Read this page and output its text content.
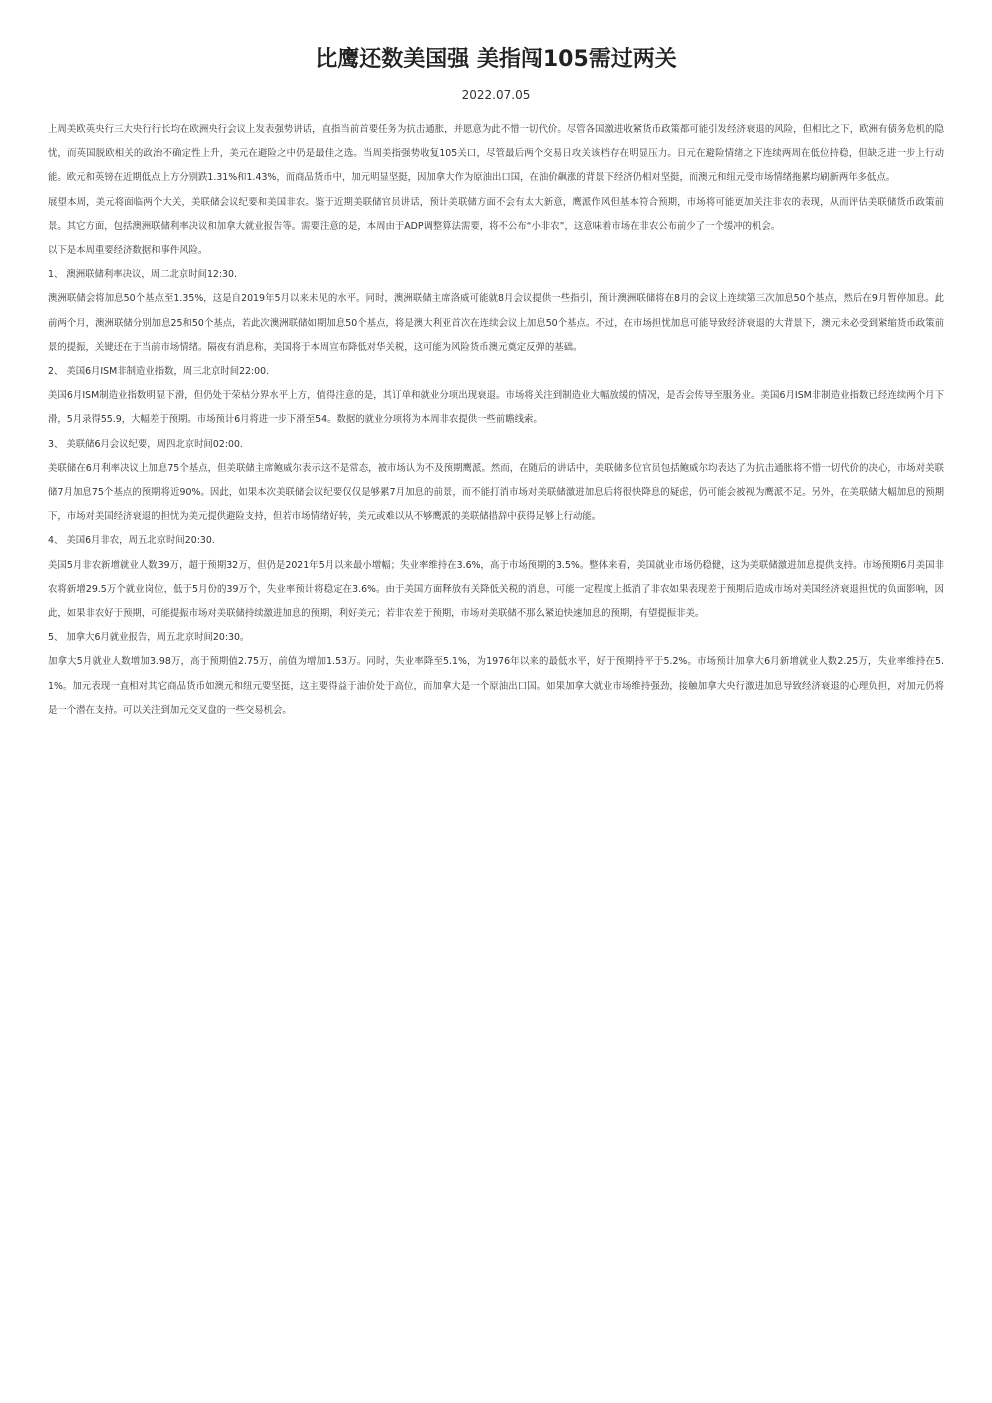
比鹰还数美国强 美指闯105需过两关
2022.07.05

上周美欧英央行三大央行行长均在欧洲央行会议上发表强势讲话，直指当前首要任务为抗击通胀，并愿意为此不惜一切代价。尽管各国激进收紧货币政策都可能引发经济衰退的风险，但相比之下，欧洲有债务危机的隐忧，而英国脱欧相关的政治不确定性上升，美元在避险之中仍是最佳之选。当周美指强势收复105关口，尽管最后两个交易日攻关该档存在明显压力。日元在避险情绪之下连续两周在低位持稳，但缺乏进一步上行动能。欧元和英镑在近期低点上方分别跌1.31%和1.43%，而商品货币中，加元明显坚挺，因加拿大作为原油出口国，在油价飙涨的背景下经济仍相对坚挺，而澳元和纽元受市场情绪拖累均刷新两年多低点。

展望本周，美元将面临两个大关，美联储会议纪要和美国非农。鉴于近期美联储官员讲话，预计美联储方面不会有太大新意，鹰派作风但基本符合预期，市场将可能更加关注非农的表现，从而评估美联储货币政策前景。其它方面，包括澳洲联储利率决议和加拿大就业报告等。需要注意的是，本周由于ADP调整算法需要，将不公布“小非农”，这意味着市场在非农公布前少了一个缓冲的机会。

以下是本周重要经济数据和事件风险。

1、 澳洲联储利率决议，周二北京时间12:30.

澳洲联储会将加息50个基点至1.35%，这是自2019年5月以来未见的水平。同时，澳洲联储主席洛威可能就8月会议提供一些指引，预计澳洲联储将在8月的会议上连续第三次加息50个基点，然后在9月暂停加息。此前两个月，澳洲联储分别加息25和50个基点，若此次澳洲联储如期加息50个基点，将是澳大利亚首次在连续会议上加息50个基点。不过，在市场担忧加息可能导致经济衰退的大背景下，澳元未必受到紧缩货币政策前景的提振，关键还在于当前市场情绪。隔夜有消息称，美国将于本周宣布降低对华关税，这可能为风险货币澳元奠定反弹的基础。

2、 美国6月ISM非制造业指数，周三北京时间22:00.

美国6月ISM制造业指数明显下滑，但仍处于荣枯分界水平上方，值得注意的是，其订单和就业分项出现衰退。市场将关注到制造业大幅放缓的情况，是否会传导至服务业。美国6月ISM非制造业指数已经连续两个月下滑，5月录得55.9，大幅差于预期。市场预计6月将进一步下滑至54。数据的就业分项将为本周非农提供一些前瞻线索。

3、 美联储6月会议纪要，周四北京时间02:00.

美联储在6月利率决议上加息75个基点，但美联储主席鲍威尔表示这不是常态，被市场认为不及预期鹰派。然而，在随后的讲话中，美联储多位官员包括鲍威尔均表达了为抗击通胀将不惜一切代价的决心，市场对美联储7月加息75个基点的预期将近90%。因此，如果本次美联储会议纪要仅仅是够累7月加息的前景，而不能打消市场对美联储激进加息后将很快降息的疑虑，仍可能会被视为鹰派不足。另外，在美联储大幅加息的预期下，市场对美国经济衰退的担忧为美元提供避险支持，但若市场情绪好转，美元或难以从不够鹰派的美联储措辞中获得足够上行动能。

4、 美国6月非农，周五北京时间20:30.

美国5月非农新增就业人数39万，超于预期32万，但仍是2021年5月以来最小增幅；失业率维持在3.6%，高于市场预期的3.5%。整体来看，美国就业市场仍稳健，这为美联储激进加息提供支持。市场预期6月美国非农将新增29.5万个就业岗位，低于5月份的39万个，失业率预计将稳定在3.6%。由于美国方面释放有关降低关税的消息，可能一定程度上抵消了非农如果表现差于预期后造成市场对美国经济衰退担忧的负面影响，因此，如果非农好于预期，可能提振市场对美联储持续激进加息的预期，利好美元；若非农差于预期，市场对美联储不那么紧迫快速加息的预期，有望提振非美。

5、 加拿大6月就业报告，周五北京时间20:30。

加拿大5月就业人数增加3.98万，高于预期值2.75万，前值为增加1.53万。同时，失业率降至5.1%，为1976年以来的最低水平，好于预期持平于5.2%。市场预计加拿大6月新增就业人数2.25万，失业率维持在5.1%。加元表现一直相对其它商品货币如澳元和纽元要坚挺，这主要得益于油价处于高位，而加拿大是一个原油出口国。如果加拿大就业市场维持强劲，接触加拿大央行激进加息导致经济衰退的心理负担，对加元仍将是一个潜在支持。可以关注到加元交叉盘的一些交易机会。
